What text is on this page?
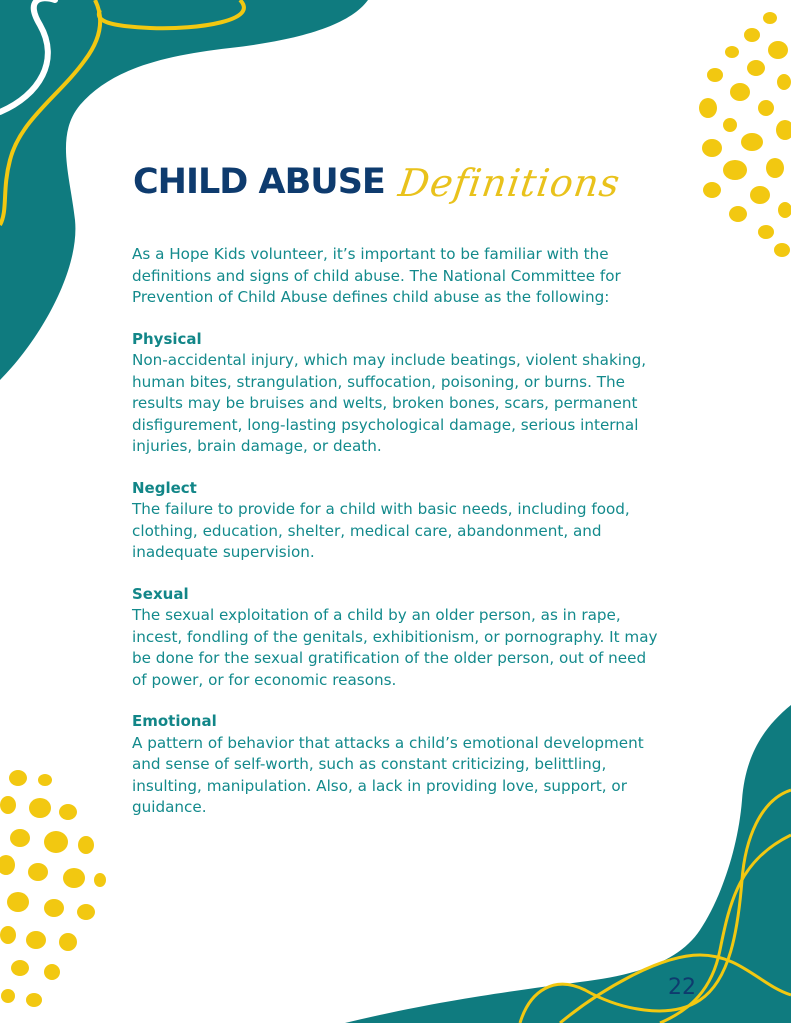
CHILD ABUSE Definitions

As a Hope Kids volunteer, it’s important to be familiar with the definitions and signs of child abuse. The National Committee for Prevention of Child Abuse defines child abuse as the following:

Physical

Non-accidental injury, which may include beatings, violent shaking, human bites, strangulation, suffocation, poisoning, or burns. The results may be bruises and welts, broken bones, scars, permanent disfigurement, long-lasting psychological damage, serious internal injuries, brain damage, or death.

Neglect

The failure to provide for a child with basic needs, including food, clothing, education, shelter, medical care, abandonment, and inadequate supervision.

Sexual

The sexual exploitation of a child by an older person, as in rape, incest, fondling of the genitals, exhibitionism, or pornography. It may be done for the sexual gratification of the older person, out of need of power, or for economic reasons.

Emotional

A pattern of behavior that attacks a child’s emotional development and sense of self-worth, such as constant criticizing, belittling, insulting, manipulation. Also, a lack in providing love, support, or guidance.

22
